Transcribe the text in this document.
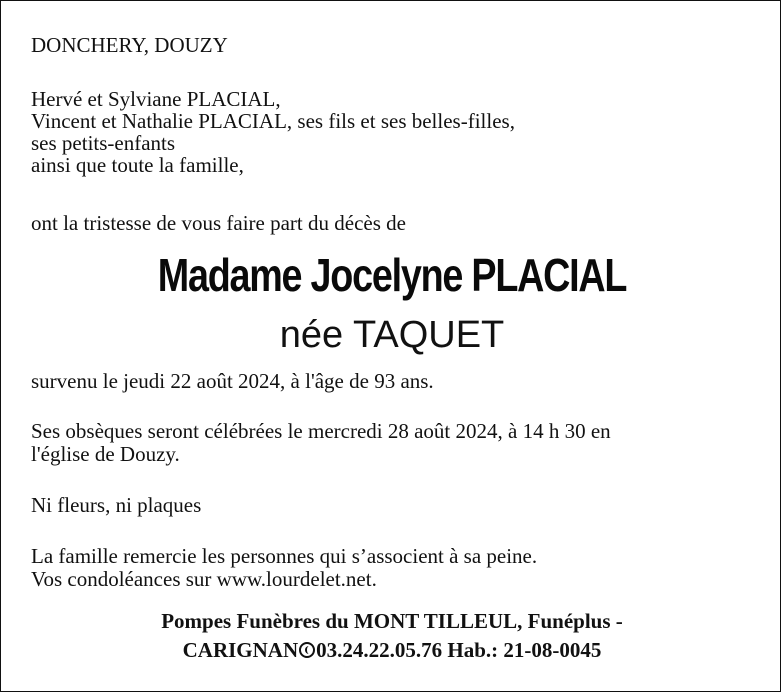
DONCHERY, DOUZY
Hervé et Sylviane PLACIAL,
Vincent et Nathalie PLACIAL, ses fils et ses belles-filles,
ses petits-enfants
ainsi que toute la famille,
ont la tristesse de vous faire part du décès de
Madame Jocelyne PLACIAL
née TAQUET
survenu le jeudi 22 août 2024, à l'âge de 93 ans.
Ses obsèques seront célébrées le mercredi 28 août 2024, à 14 h 30 en
l'église de Douzy.
Ni fleurs, ni plaques
La famille remercie les personnes qui s’associent à sa peine.
Vos condoléances sur www.lourdelet.net.
Pompes Funèbres du MONT TILLEUL, Funéplus -
CARIGNAN 03.24.22.05.76 Hab.: 21-08-0045
